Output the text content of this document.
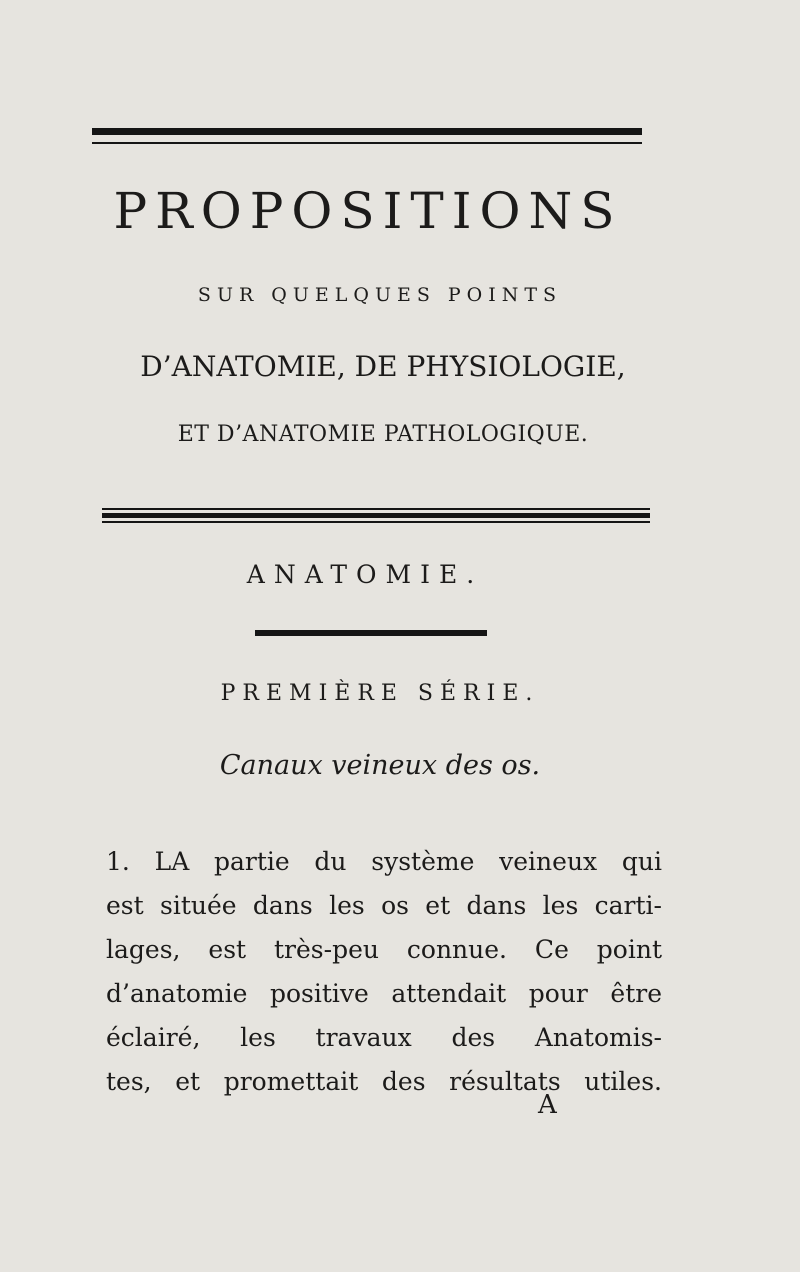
PROPOSITIONS
SUR QUELQUES POINTS
D’ANATOMIE, DE PHYSIOLOGIE,
ET D’ANATOMIE PATHOLOGIQUE.
ANATOMIE.
PREMIÈRE SÉRIE.
Canaux veineux des os.
1. LA partie du système veineux qui
est située dans les os et dans les carti-
lages, est très-peu connue. Ce point
d’anatomie positive attendait pour être
éclairé, les travaux des Anatomis-
tes, et promettait des résultats utiles.
A
